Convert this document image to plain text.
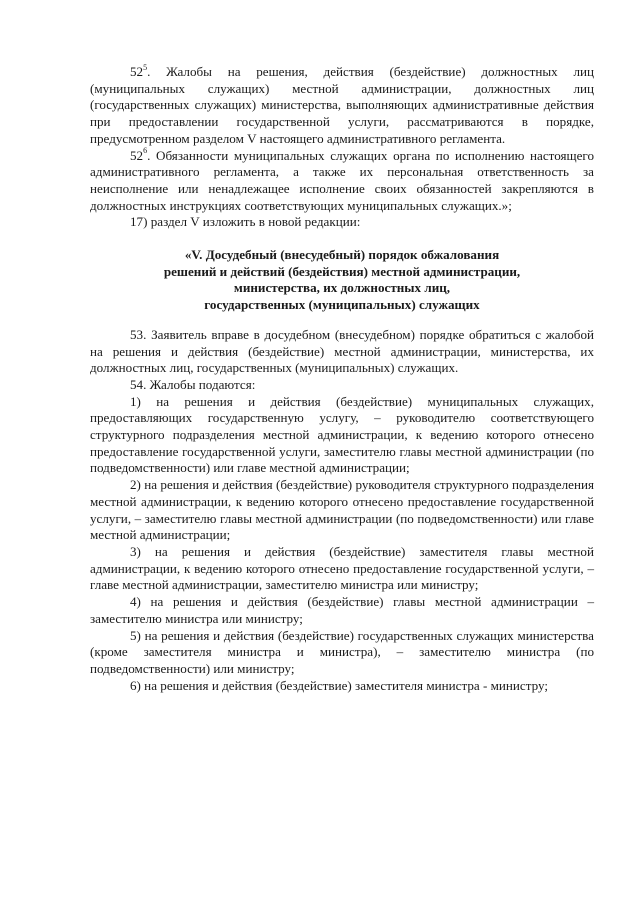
$52^5$. Жалобы на решения, действия (бездействие) должностных лиц (муниципальных служащих) местной администрации, должностных лиц (государственных служащих) министерства, выполняющих административные действия при предоставлении государственной услуги, рассматриваются в порядке, предусмотренном разделом V настоящего административного регламента.

$52^6$. Обязанности муниципальных служащих органа по исполнению настоящего административного регламента, а также их персональная ответственность за неисполнение или ненадлежащее исполнение своих обязанностей закрепляются в должностных инструкциях соответствующих муниципальных служащих.»;

17) раздел V изложить в новой редакции:

«V. Досудебный (внесудебный) порядок обжалования
решений и действий (бездействия) местной администрации,
министерства, их должностных лиц,
государственных (муниципальных) служащих

53. Заявитель вправе в досудебном (внесудебном) порядке обратиться с жалобой на решения и действия (бездействие) местной администрации, министерства, их должностных лиц, государственных (муниципальных) служащих.

54. Жалобы подаются:

1) на решения и действия (бездействие) муниципальных служащих, предоставляющих государственную услугу, – руководителю соответствующего структурного подразделения местной администрации, к ведению которого отнесено предоставление государственной услуги, заместителю главы местной администрации (по подведомственности) или главе местной администрации;

2) на решения и действия (бездействие) руководителя структурного подразделения местной администрации, к ведению которого отнесено предоставление государственной услуги, – заместителю главы местной администрации (по подведомственности) или главе местной администрации;

3) на решения и действия (бездействие) заместителя главы местной администрации, к ведению которого отнесено предоставление государственной услуги, – главе местной администрации, заместителю министра или министру;

4) на решения и действия (бездействие) главы местной администрации – заместителю министра или министру;

5) на решения и действия (бездействие) государственных служащих министерства (кроме заместителя министра и министра), – заместителю министра (по подведомственности) или министру;

6) на решения и действия (бездействие) заместителя министра - министру;
